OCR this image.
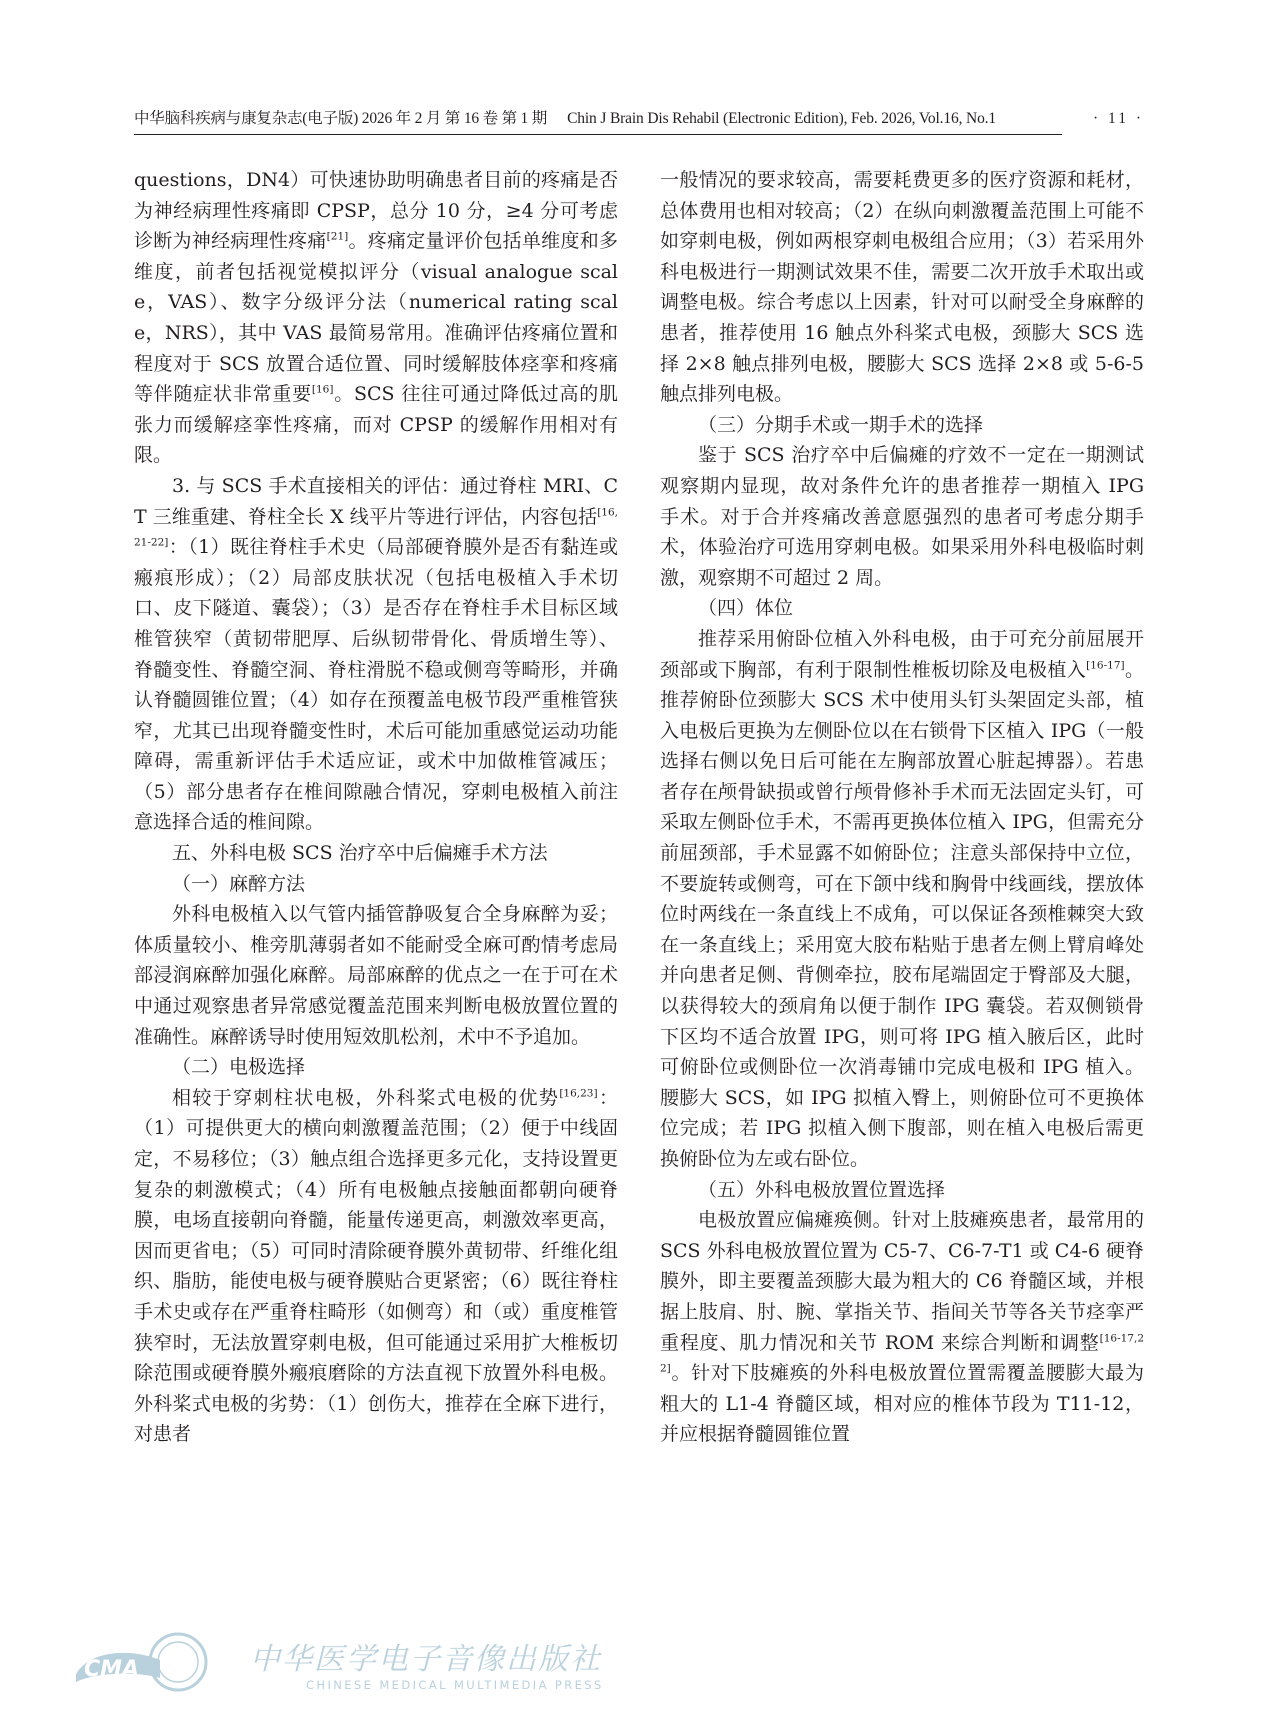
中华脑科疾病与康复杂志(电子版) 2026 年 2 月 第 16 卷 第 1 期 Chin J Brain Dis Rehabil (Electronic Edition), Feb. 2026, Vol.16, No.1	· 11 ·

questions，DN4）可快速协助明确患者目前的疼痛是否为神经病理性疼痛即 CPSP，总分 10 分，≥4 分可考虑诊断为神经病理性疼痛[21]。疼痛定量评价包括单维度和多维度，前者包括视觉模拟评分（visual analogue scale，VAS）、数字分级评分法（numerical rating scale，NRS），其中 VAS 最简易常用。准确评估疼痛位置和程度对于 SCS 放置合适位置、同时缓解肢体痉挛和疼痛等伴随症状非常重要[16]。SCS 往往可通过降低过高的肌张力而缓解痉挛性疼痛，而对 CPSP 的缓解作用相对有限。

3. 与 SCS 手术直接相关的评估：通过脊柱 MRI、CT 三维重建、脊柱全长 X 线平片等进行评估，内容包括[16,21-22]：（1）既往脊柱手术史（局部硬脊膜外是否有黏连或瘢痕形成）；（2）局部皮肤状况（包括电极植入手术切口、皮下隧道、囊袋）；（3）是否存在脊柱手术目标区域椎管狭窄（黄韧带肥厚、后纵韧带骨化、骨质增生等）、脊髓变性、脊髓空洞、脊柱滑脱不稳或侧弯等畸形，并确认脊髓圆锥位置；（4）如存在预覆盖电极节段严重椎管狭窄，尤其已出现脊髓变性时，术后可能加重感觉运动功能障碍，需重新评估手术适应证，或术中加做椎管减压；（5）部分患者存在椎间隙融合情况，穿刺电极植入前注意选择合适的椎间隙。

五、外科电极 SCS 治疗卒中后偏瘫手术方法

（一）麻醉方法

外科电极植入以气管内插管静吸复合全身麻醉为妥；体质量较小、椎旁肌薄弱者如不能耐受全麻可酌情考虑局部浸润麻醉加强化麻醉。局部麻醉的优点之一在于可在术中通过观察患者异常感觉覆盖范围来判断电极放置位置的准确性。麻醉诱导时使用短效肌松剂，术中不予追加。

（二）电极选择

相较于穿刺柱状电极，外科桨式电极的优势[16,23]：（1）可提供更大的横向刺激覆盖范围；（2）便于中线固定，不易移位；（3）触点组合选择更多元化，支持设置更复杂的刺激模式；（4）所有电极触点接触面都朝向硬脊膜，电场直接朝向脊髓，能量传递更高，刺激效率更高，因而更省电；（5）可同时清除硬脊膜外黄韧带、纤维化组织、脂肪，能使电极与硬脊膜贴合更紧密；（6）既往脊柱手术史或存在严重脊柱畸形（如侧弯）和（或）重度椎管狭窄时，无法放置穿刺电极，但可能通过采用扩大椎板切除范围或硬脊膜外瘢痕磨除的方法直视下放置外科电极。外科桨式电极的劣势：（1）创伤大，推荐在全麻下进行，对患者

一般情况的要求较高，需要耗费更多的医疗资源和耗材，总体费用也相对较高；（2）在纵向刺激覆盖范围上可能不如穿刺电极，例如两根穿刺电极组合应用；（3）若采用外科电极进行一期测试效果不佳，需要二次开放手术取出或调整电极。综合考虑以上因素，针对可以耐受全身麻醉的患者，推荐使用 16 触点外科桨式电极，颈膨大 SCS 选择 2×8 触点排列电极，腰膨大 SCS 选择 2×8 或 5-6-5 触点排列电极。

（三）分期手术或一期手术的选择

鉴于 SCS 治疗卒中后偏瘫的疗效不一定在一期测试观察期内显现，故对条件允许的患者推荐一期植入 IPG 手术。对于合并疼痛改善意愿强烈的患者可考虑分期手术，体验治疗可选用穿刺电极。如果采用外科电极临时刺激，观察期不可超过 2 周。

（四）体位

推荐采用俯卧位植入外科电极，由于可充分前屈展开颈部或下胸部，有利于限制性椎板切除及电极植入[16-17]。推荐俯卧位颈膨大 SCS 术中使用头钉头架固定头部，植入电极后更换为左侧卧位以在右锁骨下区植入 IPG（一般选择右侧以免日后可能在左胸部放置心脏起搏器）。若患者存在颅骨缺损或曾行颅骨修补手术而无法固定头钉，可采取左侧卧位手术，不需再更换体位植入 IPG，但需充分前屈颈部，手术显露不如俯卧位；注意头部保持中立位，不要旋转或侧弯，可在下颌中线和胸骨中线画线，摆放体位时两线在一条直线上不成角，可以保证各颈椎棘突大致在一条直线上；采用宽大胶布粘贴于患者左侧上臂肩峰处并向患者足侧、背侧牵拉，胶布尾端固定于臀部及大腿，以获得较大的颈肩角以便于制作 IPG 囊袋。若双侧锁骨下区均不适合放置 IPG，则可将 IPG 植入腋后区，此时可俯卧位或侧卧位一次消毒铺巾完成电极和 IPG 植入。腰膨大 SCS，如 IPG 拟植入臀上，则俯卧位可不更换体位完成；若 IPG 拟植入侧下腹部，则在植入电极后需更换俯卧位为左或右卧位。

（五）外科电极放置位置选择

电极放置应偏瘫痪侧。针对上肢瘫痪患者，最常用的 SCS 外科电极放置位置为 C5-7、C6-7-T1 或 C4-6 硬脊膜外，即主要覆盖颈膨大最为粗大的 C6 脊髓区域，并根据上肢肩、肘、腕、掌指关节、指间关节等各关节痉挛严重程度、肌力情况和关节 ROM 来综合判断和调整[16-17,22]。针对下肢瘫痪的外科电极放置位置需覆盖腰膨大最为粗大的 L1-4 脊髓区域，相对应的椎体节段为 T11-12，并应根据脊髓圆锥位置

CMA	中华医学电子音像出版社
CHINESE MEDICAL MULTIMEDIA PRESS
